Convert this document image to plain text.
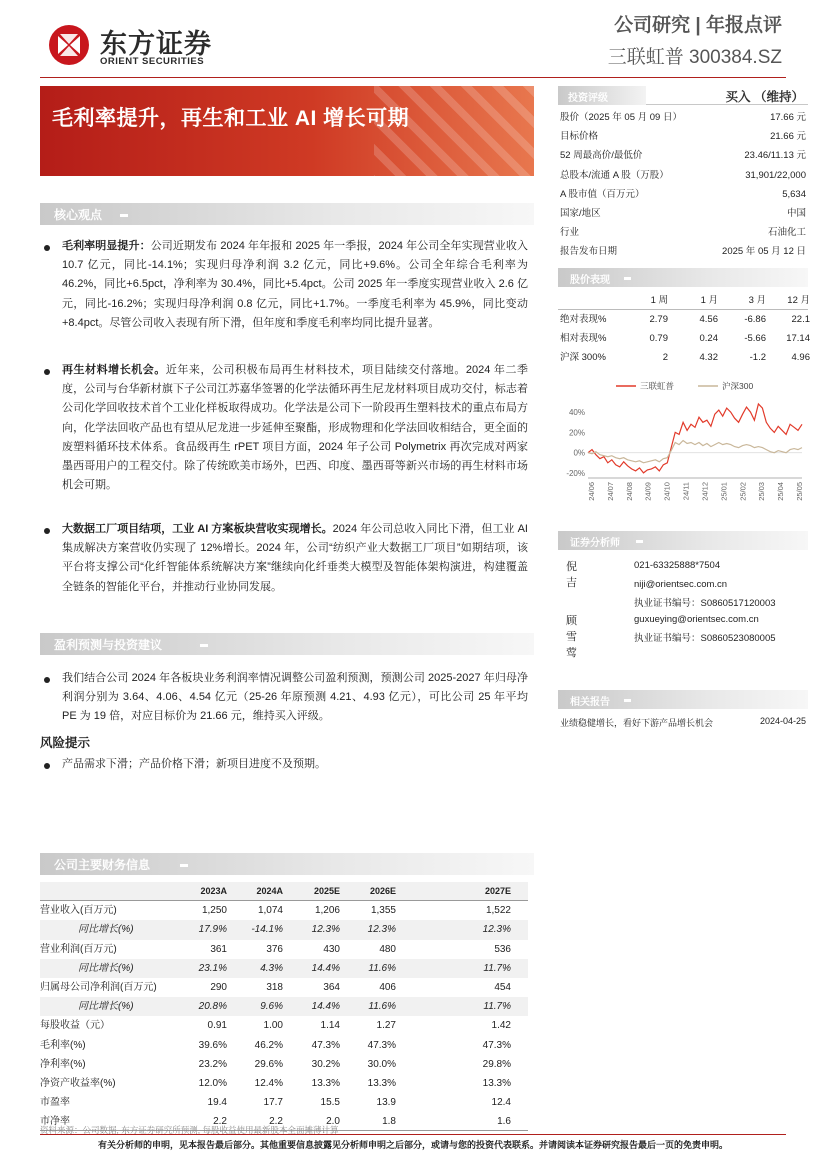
东方证券
ORIENT SECURITIES
公司研究 | 年报点评
三联虹普 300384.SZ
毛利率提升，再生和工业 AI 增长可期
核心观点
毛利率明显提升：公司近期发布 2024 年年报和 2025 年一季报，2024 年公司全年实现营业收入 10.7 亿元，同比-14.1%；实现归母净利润 3.2 亿元，同比+9.6%。公司全年综合毛利率为 46.2%，同比+6.5pct，净利率为 30.4%，同比+5.4pct。公司 2025 年一季度实现营业收入 2.6 亿元，同比-16.2%；实现归母净利润 0.8 亿元，同比+1.7%。一季度毛利率为 45.9%，同比变动+8.4pct。尽管公司收入表现有所下滑，但年度和季度毛利率均同比提升显著。
再生材料增长机会。近年来，公司积极布局再生材料技术，项目陆续交付落地。2024 年二季度，公司与台华新材旗下子公司江苏嘉华签署的化学法循环再生尼龙材料项目成功交付，标志着公司化学回收技术首个工业化样板取得成功。化学法是公司下一阶段再生塑料技术的重点布局方向，化学法回收产品也有望从尼龙进一步延伸至聚酯，形成物理和化学法回收相结合，更全面的废塑料循环技术体系。食品级再生 rPET 项目方面，2024 年子公司 Polymetrix 再次完成对两家墨西哥用户的工程交付。除了传统欧美市场外，巴西、印度、墨西哥等新兴市场的再生材料市场机会可期。
大数据工厂项目结项，工业 AI 方案板块营收实现增长。2024 年公司总收入同比下滑，但工业 AI 集成解决方案营收仍实现了 12%增长。2024 年，公司“纺织产业大数据工厂项目”如期结项，该平台将支撑公司“化纤智能体系统解决方案”继续向化纤垂类大模型及智能体架构演进，构建覆盖全链条的智能化平台，并推动行业协同发展。
盈利预测与投资建议
我们结合公司 2024 年各板块业务利润率情况调整公司盈利预测，预测公司 2025-2027 年归母净利润分别为 3.64、4.06、4.54 亿元（25-26 年原预测 4.21、4.93 亿元），可比公司 25 年平均 PE 为 19 倍，对应目标价为 21.66 元，维持买入评级。
风险提示
产品需求下滑；产品价格下滑；新项目进度不及预期。
公司主要财务信息
2023A	2024A	2025E	2026E	2027E
营业收入(百万元)	1,250	1,074	1,206	1,355	1,522
同比增长(%)	17.9%	-14.1%	12.3%	12.3%	12.3%
营业利润(百万元)	361	376	430	480	536
同比增长(%)	23.1%	4.3%	14.4%	11.6%	11.7%
归属母公司净利润(百万元)	290	318	364	406	454
同比增长(%)	20.8%	9.6%	14.4%	11.6%	11.7%
每股收益（元）	0.91	1.00	1.14	1.27	1.42
毛利率(%)	39.6%	46.2%	47.3%	47.3%	47.3%
净利率(%)	23.2%	29.6%	30.2%	30.0%	29.8%
净资产收益率(%)	12.0%	12.4%	13.3%	13.3%	13.3%
市盈率	19.4	17.7	15.5	13.9	12.4
市净率	2.2	2.2	2.0	1.8	1.6
资料来源：公司数据, 东方证券研究所预测, 每股收益使用最新股本全面摊薄计算
投资评级	买入 （维持）
股价（2025 年 05 月 09 日）	17.66 元
目标价格	21.66 元
52 周最高价/最低价	23.46/11.13 元
总股本/流通 A 股（万股）	31,901/22,000
A 股市值（百万元）	5,634
国家/地区	中国
行业	石油化工
报告发布日期	2025 年 05 月 12 日
股价表现
1 周	1 月	3 月 12 月
绝对表现%	2.79	4.56	-6.86	22.1
相对表现%	0.79	0.24	-5.66 17.14
沪深 300%	2	4.32	-1.2	4.96
三联虹普	沪深300
40%
20%
0%
-20%
24/06 24/07 24/08 24/09 24/10 24/11 24/12 25/01 25/02 25/03 25/04 25/05
证券分析师
倪吉
021-63325888*7504
niji@orientsec.com.cn
执业证书编号：S0860517120003
顾雪莺
guxueying@orientsec.com.cn
执业证书编号：S0860523080005
相关报告
业绩稳健增长，看好下游产品增长机会	2024-04-25
有关分析师的申明，见本报告最后部分。其他重要信息披露见分析师申明之后部分，或请与您的投资代表联系。并请阅读本证券研究报告最后一页的免责申明。
